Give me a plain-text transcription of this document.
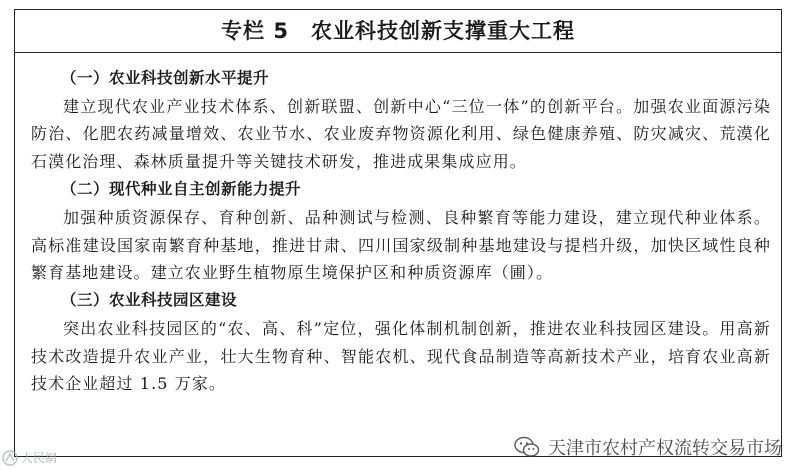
专栏 5 农业科技创新支撑重大工程
（一）农业科技创新水平提升

建立现代农业产业技术体系、创新联盟、创新中心“三位一体”的创新平台。加强农业面源污染防治、化肥农药减量增效、农业节水、农业废弃物资源化利用、绿色健康养殖、防灾减灾、荒漠化石漠化治理、森林质量提升等关键技术研发，推进成果集成应用。

（二）现代种业自主创新能力提升

加强种质资源保存、育种创新、品种测试与检测、良种繁育等能力建设，建立现代种业体系。高标准建设国家南繁育种基地，推进甘肃、四川国家级制种基地建设与提档升级，加快区域性良种繁育基地建设。建立农业野生植物原生境保护区和种质资源库（圃）。

（三）农业科技园区建设

突出农业科技园区的“农、高、科”定位，强化体制机制创新，推进农业科技园区建设。用高新技术改造提升农业产业，壮大生物育种、智能农机、现代食品制造等高新技术产业，培育农业高新技术企业超过 1.5 万家。

天津市农村产权流转交易市场
人民網
